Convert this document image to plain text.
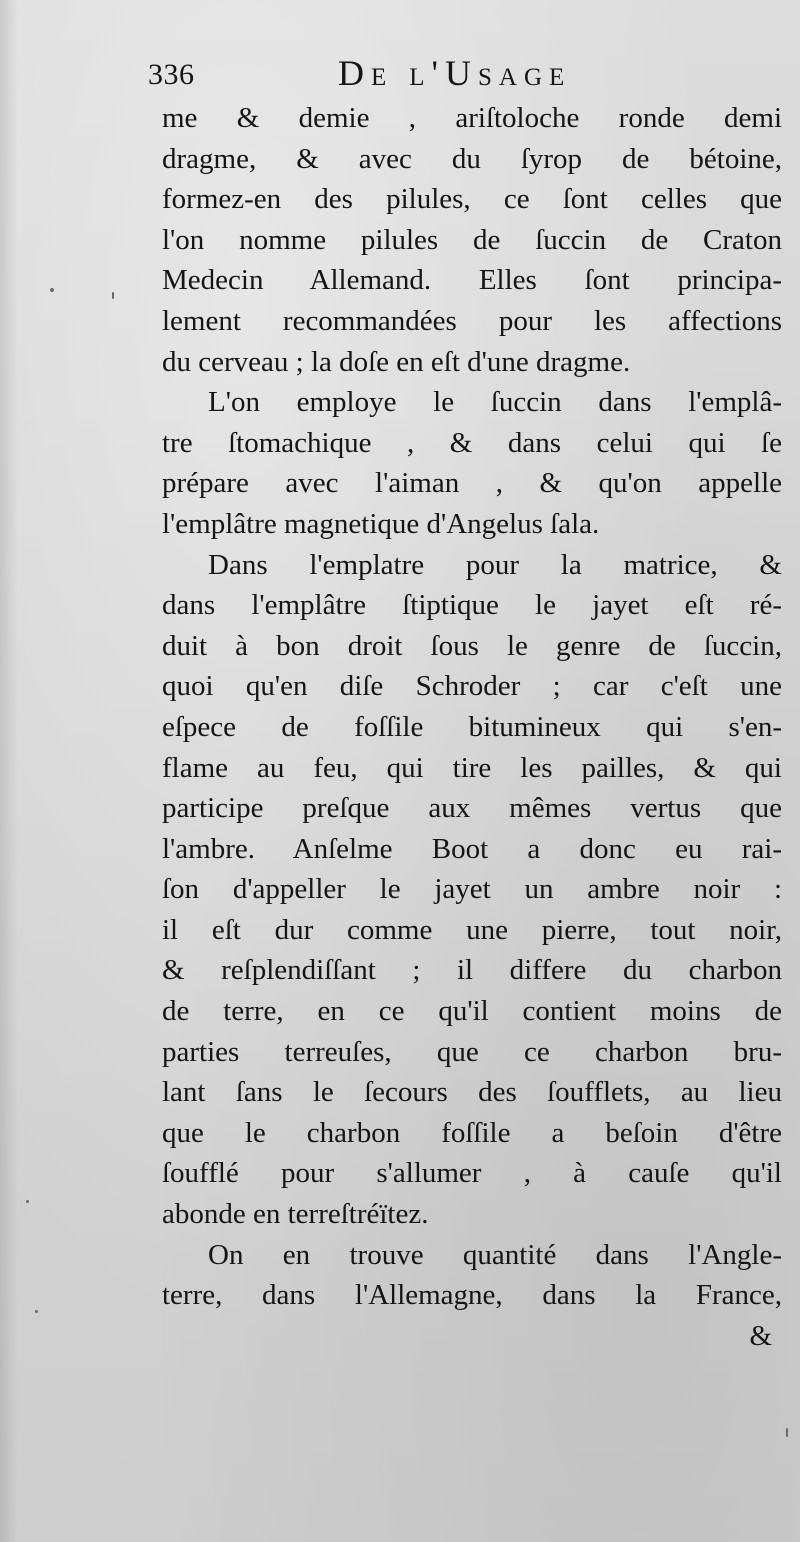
336	De l'Usage
me & demie , ariſtoloche ronde demi
dragme, & avec du ſyrop de bétoine,
formez-en des pilules, ce ſont celles que
l'on nomme pilules de ſuccin de Craton
Medecin Allemand. Elles ſont principa-
lement recommandées pour les affections
du cerveau ; la doſe en eſt d'une dragme.
L'on employe le ſuccin dans l'emplâ-
tre ſtomachique , & dans celui qui ſe
prépare avec l'aiman , & qu'on appelle
l'emplâtre magnetique d'Angelus ſala.
Dans l'emplatre pour la matrice, &
dans l'emplâtre ſtiptique le jayet eſt ré-
duit à bon droit ſous le genre de ſuccin,
quoi qu'en diſe Schroder ; car c'eſt une
eſpece de foſſile bitumineux qui s'en-
flame au feu, qui tire les pailles, & qui
participe preſque aux mêmes vertus que
l'ambre. Anſelme Boot a donc eu rai-
ſon d'appeller le jayet un ambre noir :
il eſt dur comme une pierre, tout noir,
& reſplendiſſant ; il differe du charbon
de terre, en ce qu'il contient moins de
parties terreuſes, que ce charbon bru-
lant ſans le ſecours des ſoufflets, au lieu
que le charbon foſſile a beſoin d'être
ſoufflé pour s'allumer , à cauſe qu'il
abonde en terreſtréïtez.
On en trouve quantité dans l'Angle-
terre, dans l'Allemagne, dans la France,
&
